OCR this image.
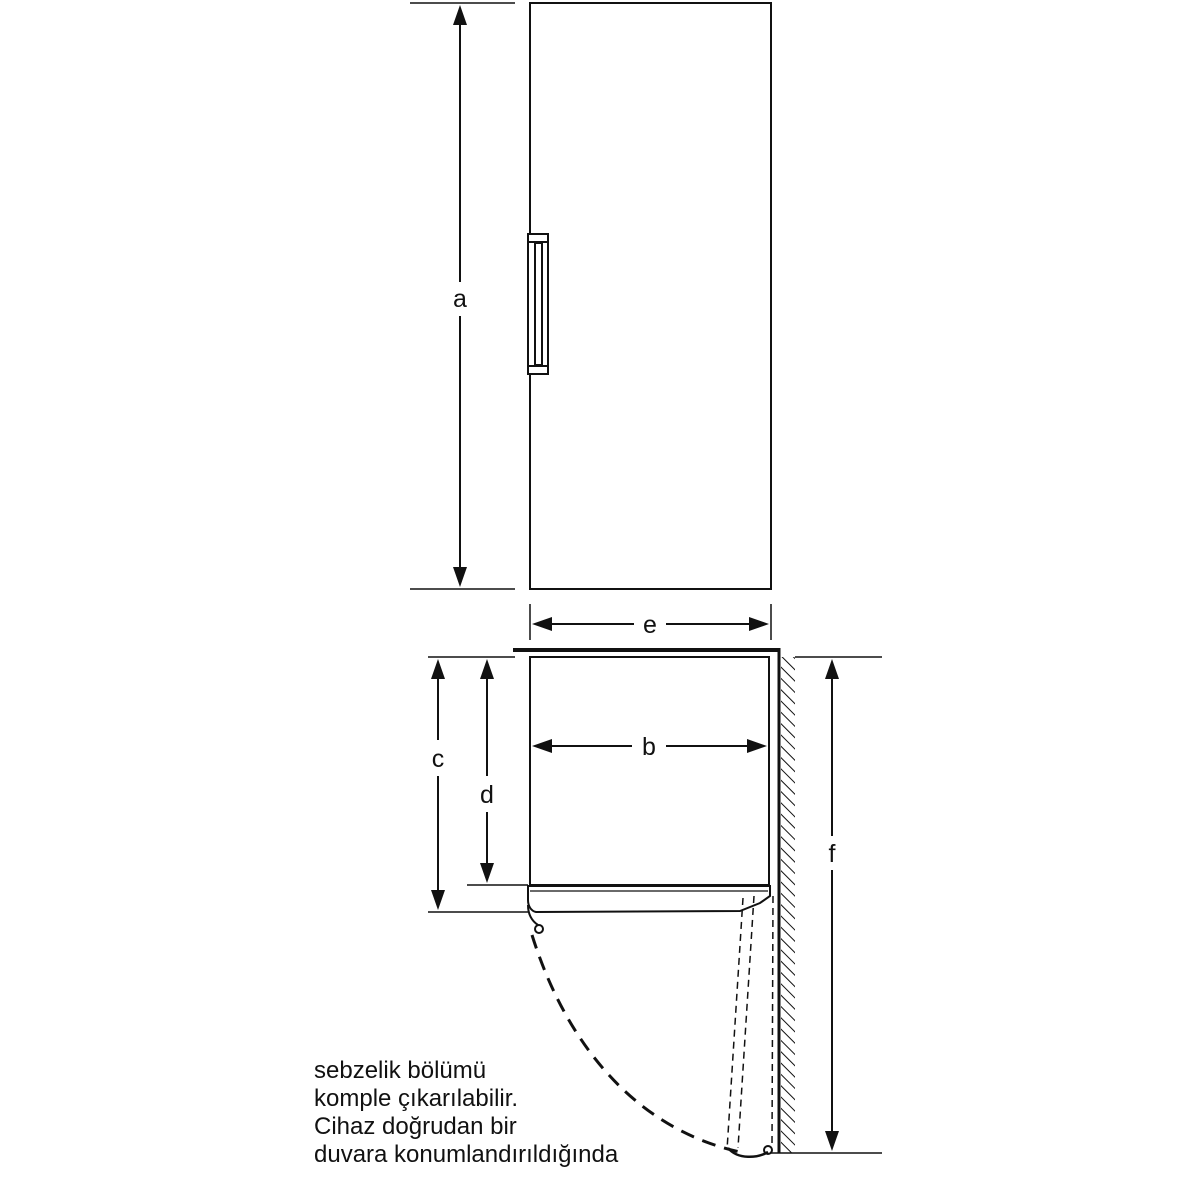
a
e
c
d
b
f
sebzelik bölümü
komple çıkarılabilir.
Cihaz doğrudan bir
duvara konumlandırıldığında
